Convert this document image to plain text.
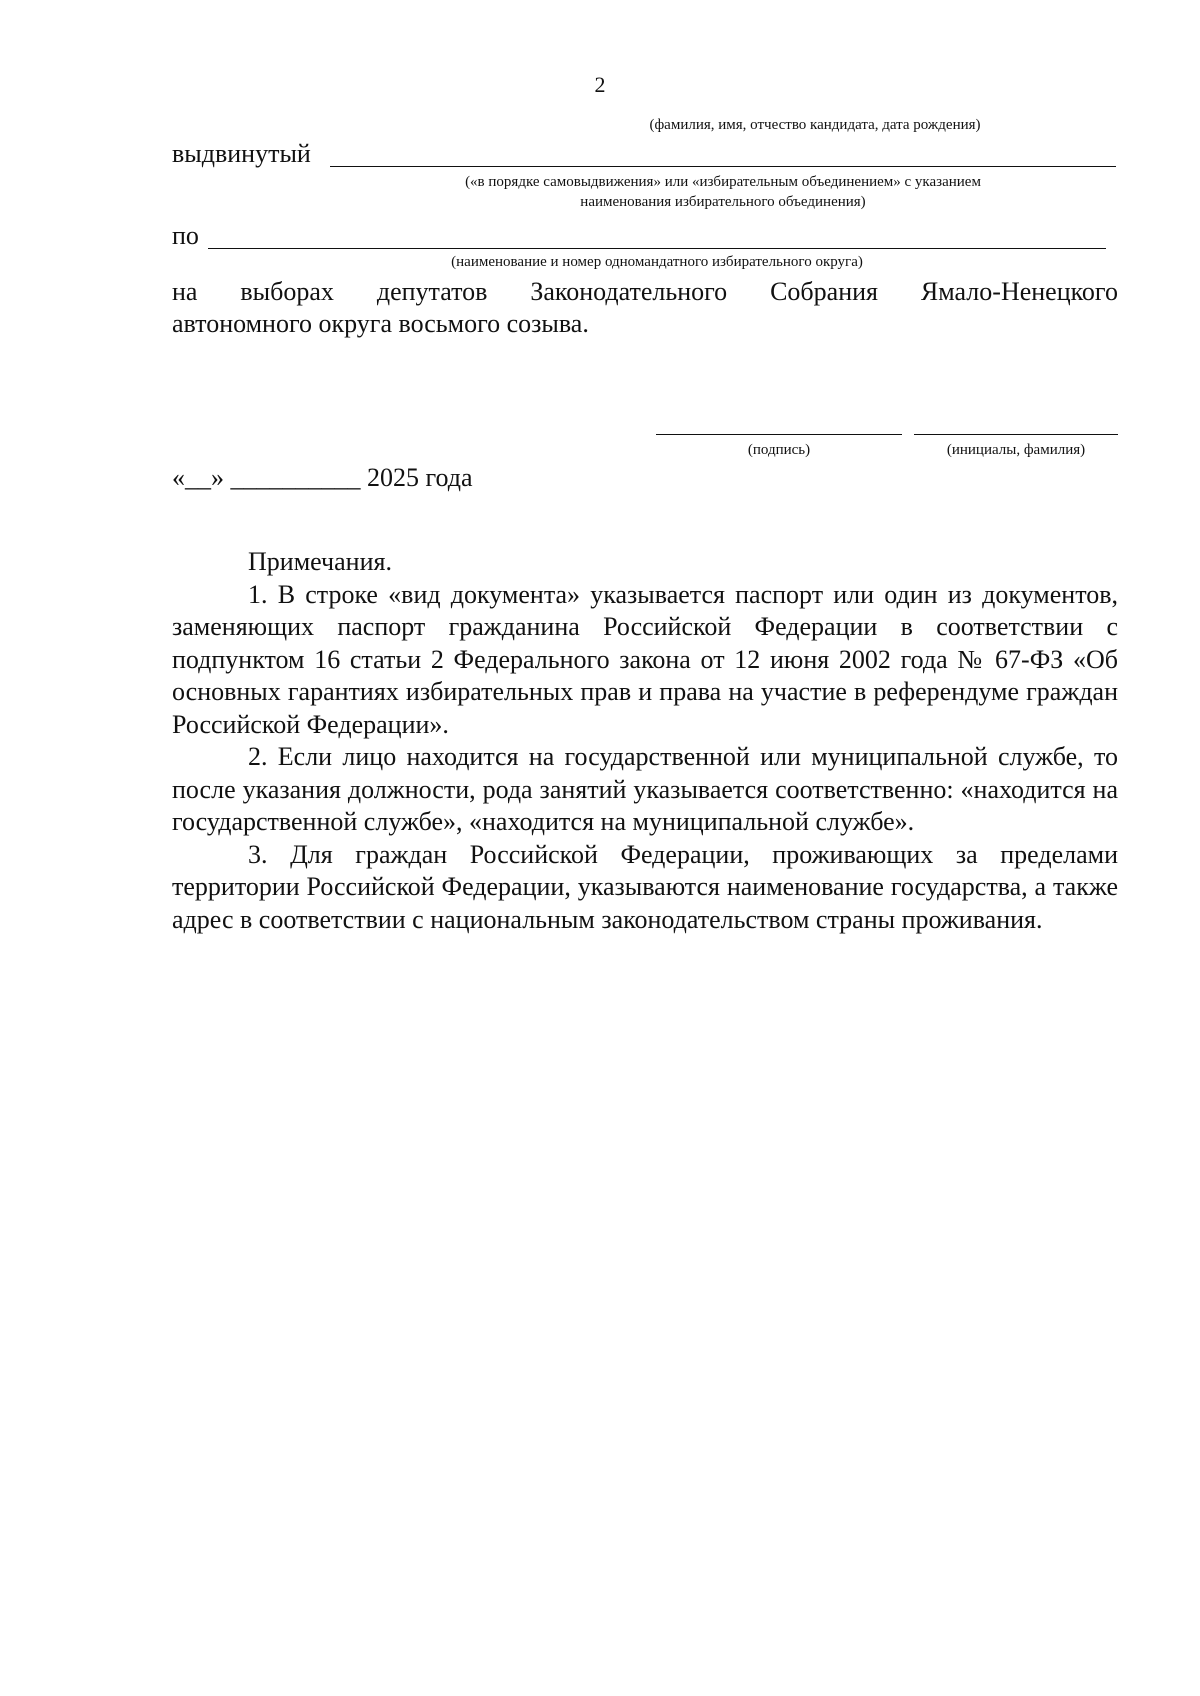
2
(фамилия, имя, отчество кандидата, дата рождения)
выдвинутый
(«в порядке самовыдвижения» или «избирательным объединением» с указанием
наименования избирательного объединения)
по
(наименование и номер одномандатного избирательного округа)
на выборах депутатов Законодательного Собрания Ямало-Ненецкого
автономного округа восьмого созыва.
(подпись)	(инициалы, фамилия)
«__» __________ 2025 года

Примечания.

1. В строке «вид документа» указывается паспорт или один из документов, заменяющих паспорт гражданина Российской Федерации в соответствии с подпунктом 16 статьи 2 Федерального закона от 12 июня 2002 года № 67-ФЗ «Об основных гарантиях избирательных прав и права на участие в референдуме граждан Российской Федерации».

2. Если лицо находится на государственной или муниципальной службе, то после указания должности, рода занятий указывается соответственно: «находится на государственной службе», «находится на муниципальной службе».

3. Для граждан Российской Федерации, проживающих за пределами территории Российской Федерации, указываются наименование государства, а также адрес в соответствии с национальным законодательством страны проживания.
